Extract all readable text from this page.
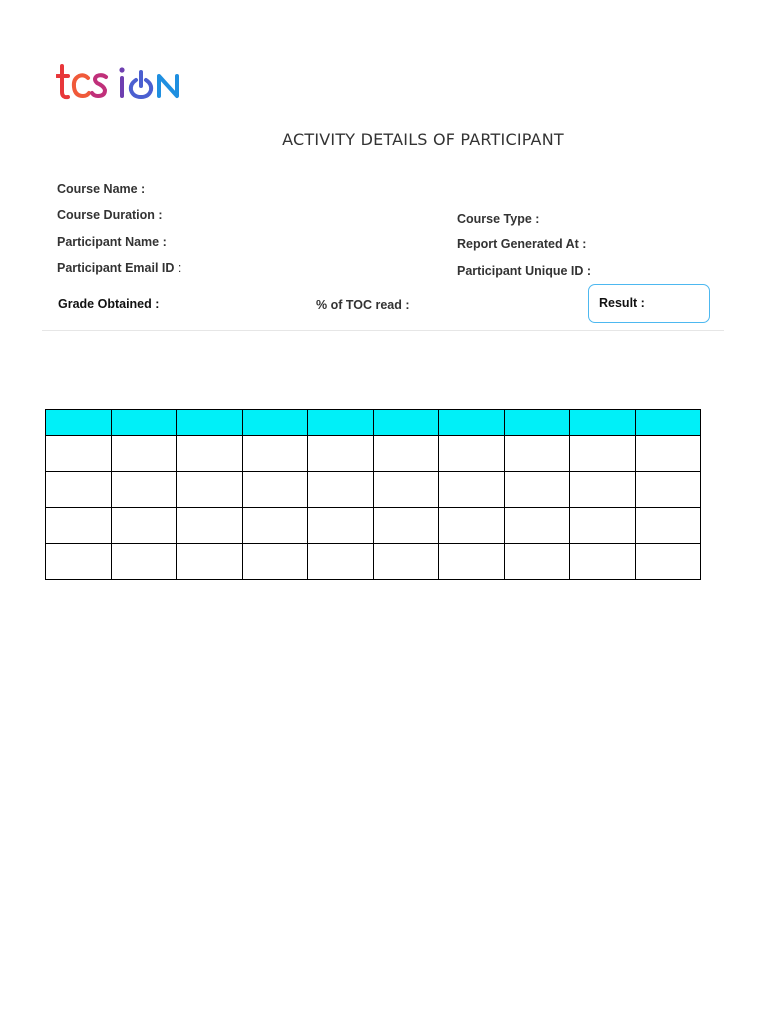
ACTIVITY DETAILS OF PARTICIPANT
Course Name :
Course Duration :
Participant Name :
Participant Email ID :
Course Type :
Report Generated At :
Participant Unique ID :
Grade Obtained :	% of TOC read :	Result :
